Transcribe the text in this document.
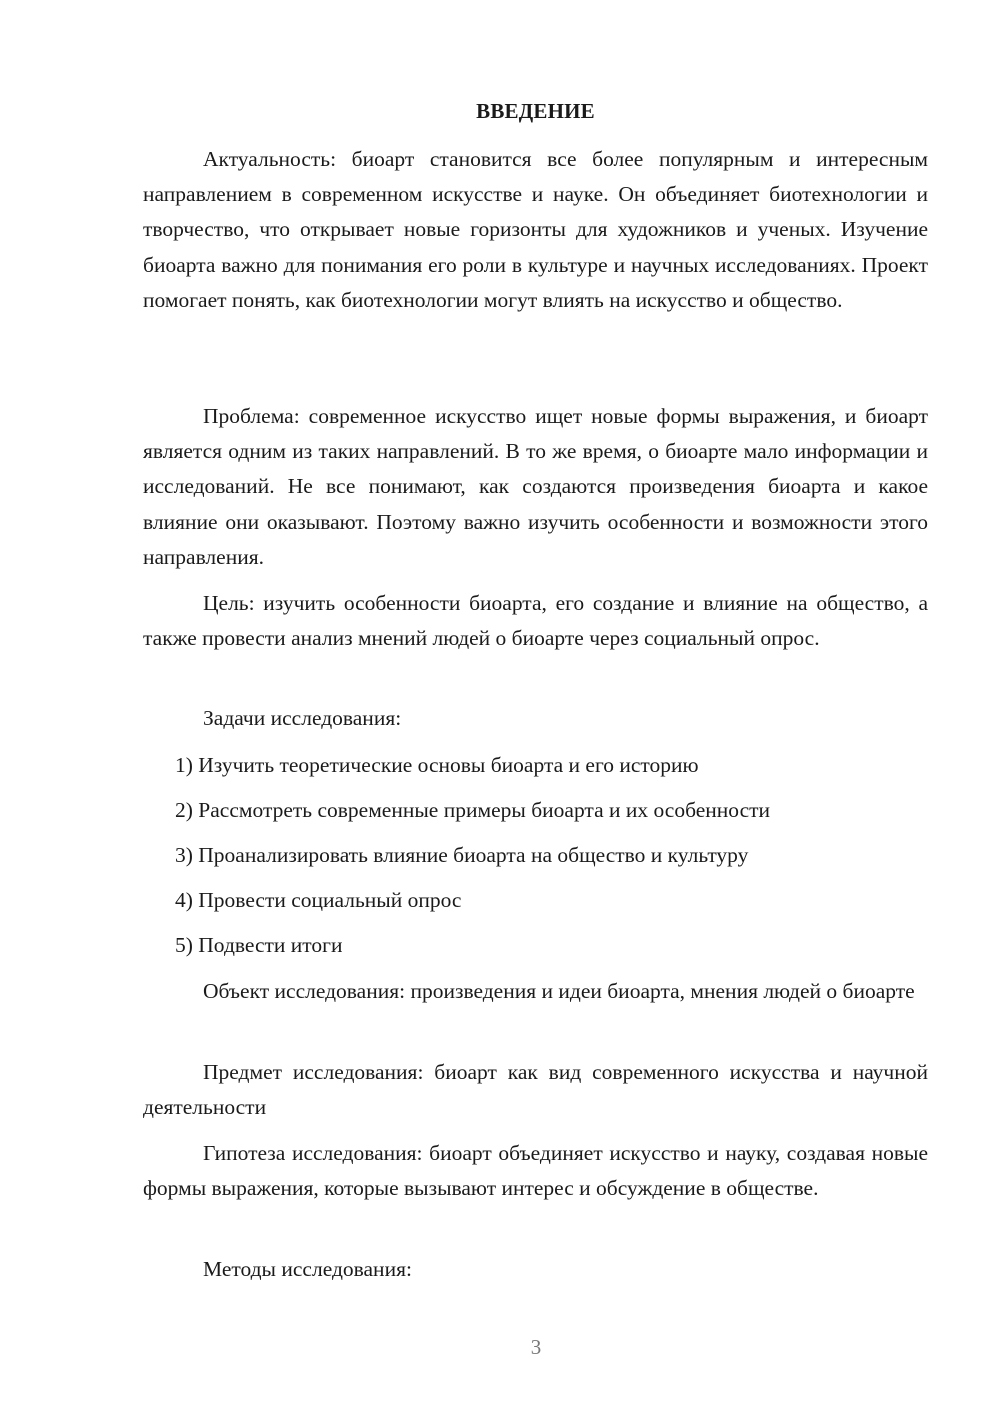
ВВЕДЕНИЕ

Актуальность: биоарт становится все более популярным и интересным направлением в современном искусстве и науке. Он объединяет биотехнологии и творчество, что открывает новые горизонты для художников и ученых. Изучение биоарта важно для понимания его роли в культуре и научных исследованиях. Проект помогает понять, как биотехнологии могут влиять на искусство и общество.

Проблема: современное искусство ищет новые формы выражения, и биоарт является одним из таких направлений. В то же время, о биоарте мало информации и исследований. Не все понимают, как создаются произведения биоарта и какое влияние они оказывают. Поэтому важно изучить особенности и возможности этого направления.

Цель: изучить особенности биоарта, его создание и влияние на общество, а также провести анализ мнений людей о биоарте через социальный опрос.

Задачи исследования:

1) Изучить теоретические основы биоарта и его историю

2) Рассмотреть современные примеры биоарта и их особенности

3) Проанализировать влияние биоарта на общество и культуру

4) Провести социальный опрос

5) Подвести итоги

Объект исследования: произведения и идеи биоарта, мнения людей о биоарте

Предмет исследования: биоарт как вид современного искусства и научной деятельности

Гипотеза исследования: биоарт объединяет искусство и науку, создавая новые формы выражения, которые вызывают интерес и обсуждение в обществе.

Методы исследования:

3
